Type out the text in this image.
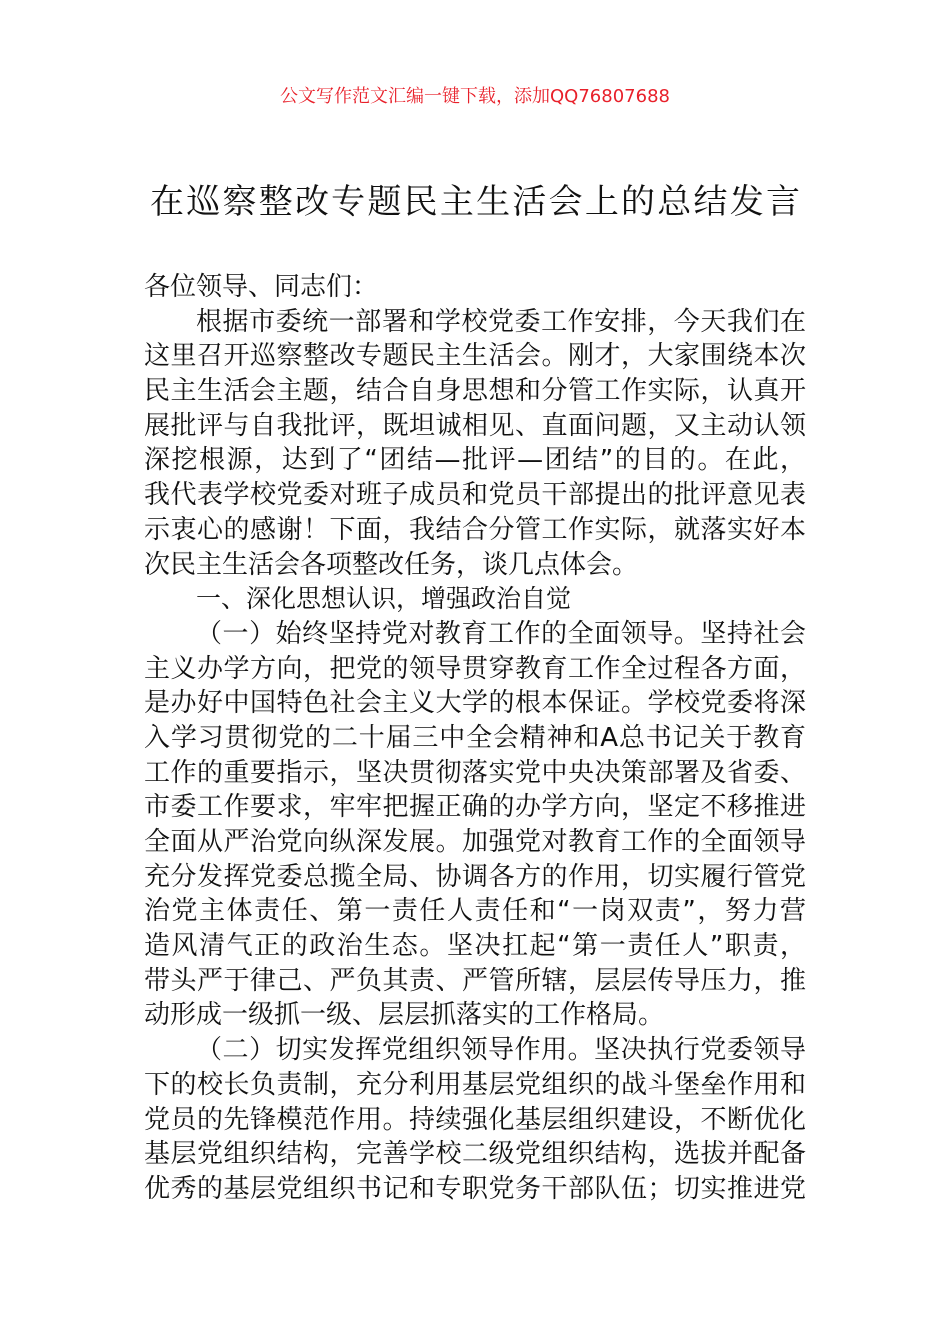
公文写作范文汇编一键下载，添加QQ76807688
在巡察整改专题民主生活会上的总结发言
各位领导、同志们：
根据市委统一部署和学校党委工作安排，今天我们在
这里召开巡察整改专题民主生活会。刚才，大家围绕本次
民主生活会主题，结合自身思想和分管工作实际，认真开
展批评与自我批评，既坦诚相见、直面问题，又主动认领
深挖根源，达到了“团结—批评—团结”的目的。在此，
我代表学校党委对班子成员和党员干部提出的批评意见表
示衷心的感谢！下面，我结合分管工作实际，就落实好本
次民主生活会各项整改任务，谈几点体会。
一、深化思想认识，增强政治自觉
（一）始终坚持党对教育工作的全面领导。坚持社会
主义办学方向，把党的领导贯穿教育工作全过程各方面，
是办好中国特色社会主义大学的根本保证。学校党委将深
入学习贯彻党的二十届三中全会精神和A总书记关于教育
工作的重要指示，坚决贯彻落实党中央决策部署及省委、
市委工作要求，牢牢把握正确的办学方向，坚定不移推进
全面从严治党向纵深发展。加强党对教育工作的全面领导
充分发挥党委总揽全局、协调各方的作用，切实履行管党
治党主体责任、第一责任人责任和“一岗双责”，努力营
造风清气正的政治生态。坚决扛起“第一责任人”职责，
带头严于律己、严负其责、严管所辖，层层传导压力，推
动形成一级抓一级、层层抓落实的工作格局。
（二）切实发挥党组织领导作用。坚决执行党委领导
下的校长负责制，充分利用基层党组织的战斗堡垒作用和
党员的先锋模范作用。持续强化基层组织建设，不断优化
基层党组织结构，完善学校二级党组织结构，选拔并配备
优秀的基层党组织书记和专职党务干部队伍；切实推进党
